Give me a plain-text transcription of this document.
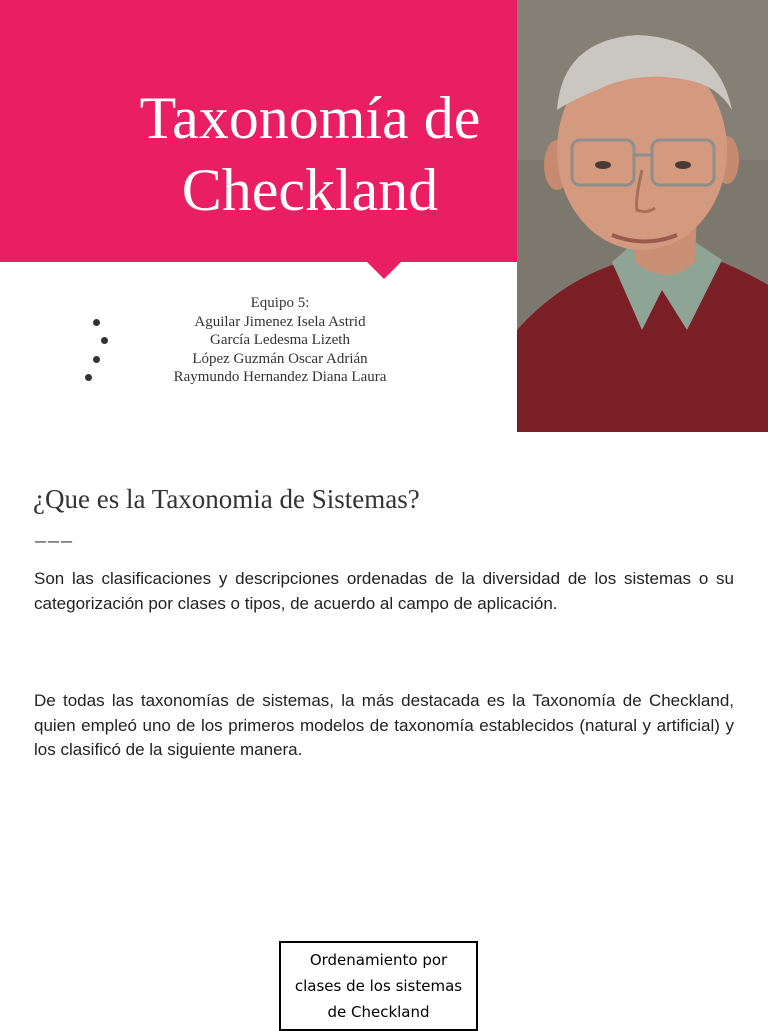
Taxonomía de
Checkland
Equipo 5:
Aguilar Jimenez Isela Astrid
García Ledesma Lizeth
López Guzmán Oscar Adrián
Raymundo Hernandez Diana Laura
¿Que es la Taxonomia de Sistemas?
‒‒‒

Son las clasificaciones y descripciones ordenadas de la diversidad de los sistemas o su categorización por clases o tipos, de acuerdo al campo de aplicación.

De todas las taxonomías de sistemas, la más destacada es la Taxonomía de Checkland, quien empleó uno de los primeros modelos de taxonomía establecidos (natural y artificial) y los clasificó de la siguiente manera.

Ordenamiento por
clases de los sistemas
de Checkland
